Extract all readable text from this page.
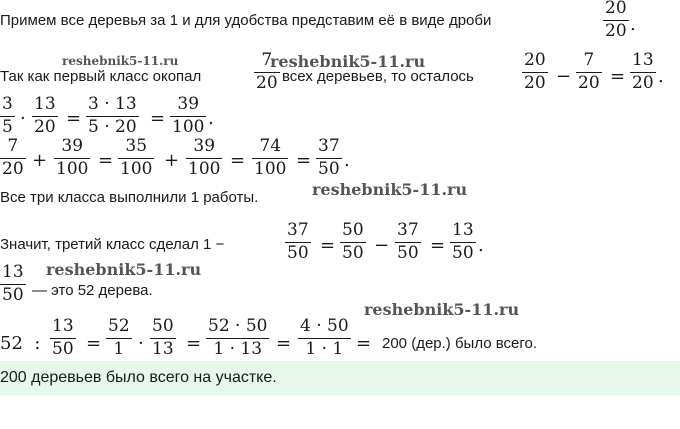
Примем все деревья за 1 и для удобства представим её в виде дроби
20
20 .
reshebnik5-11.ru
Так как первый класс окопал
7
20
reshebnik5-11.ru
всех деревьев, то осталось
20
20 −
7
20 =
13
20 .
3
5 ·
13
20 =
3 · 13
5 · 20 =
39
100 .
7
20 +
39
100 =
35
100 +
39
100 =
74
100 =
37
50 .
Все три класса выполнили 1 работы.	reshebnik5-11.ru
Значит, третий класс сделал 1 −
37
50 =
50
50 −
37
50 =
13
50 .
13
50
reshebnik5-11.ru
— это 52 дерева.
reshebnik5-11.ru
52  :
13
50 =
52
1 ·
50
13 =
52 · 50
1 · 13 =
4 · 50
1 · 1 = 200 (дер.) было всего.
200 деревьев было всего на участке.
